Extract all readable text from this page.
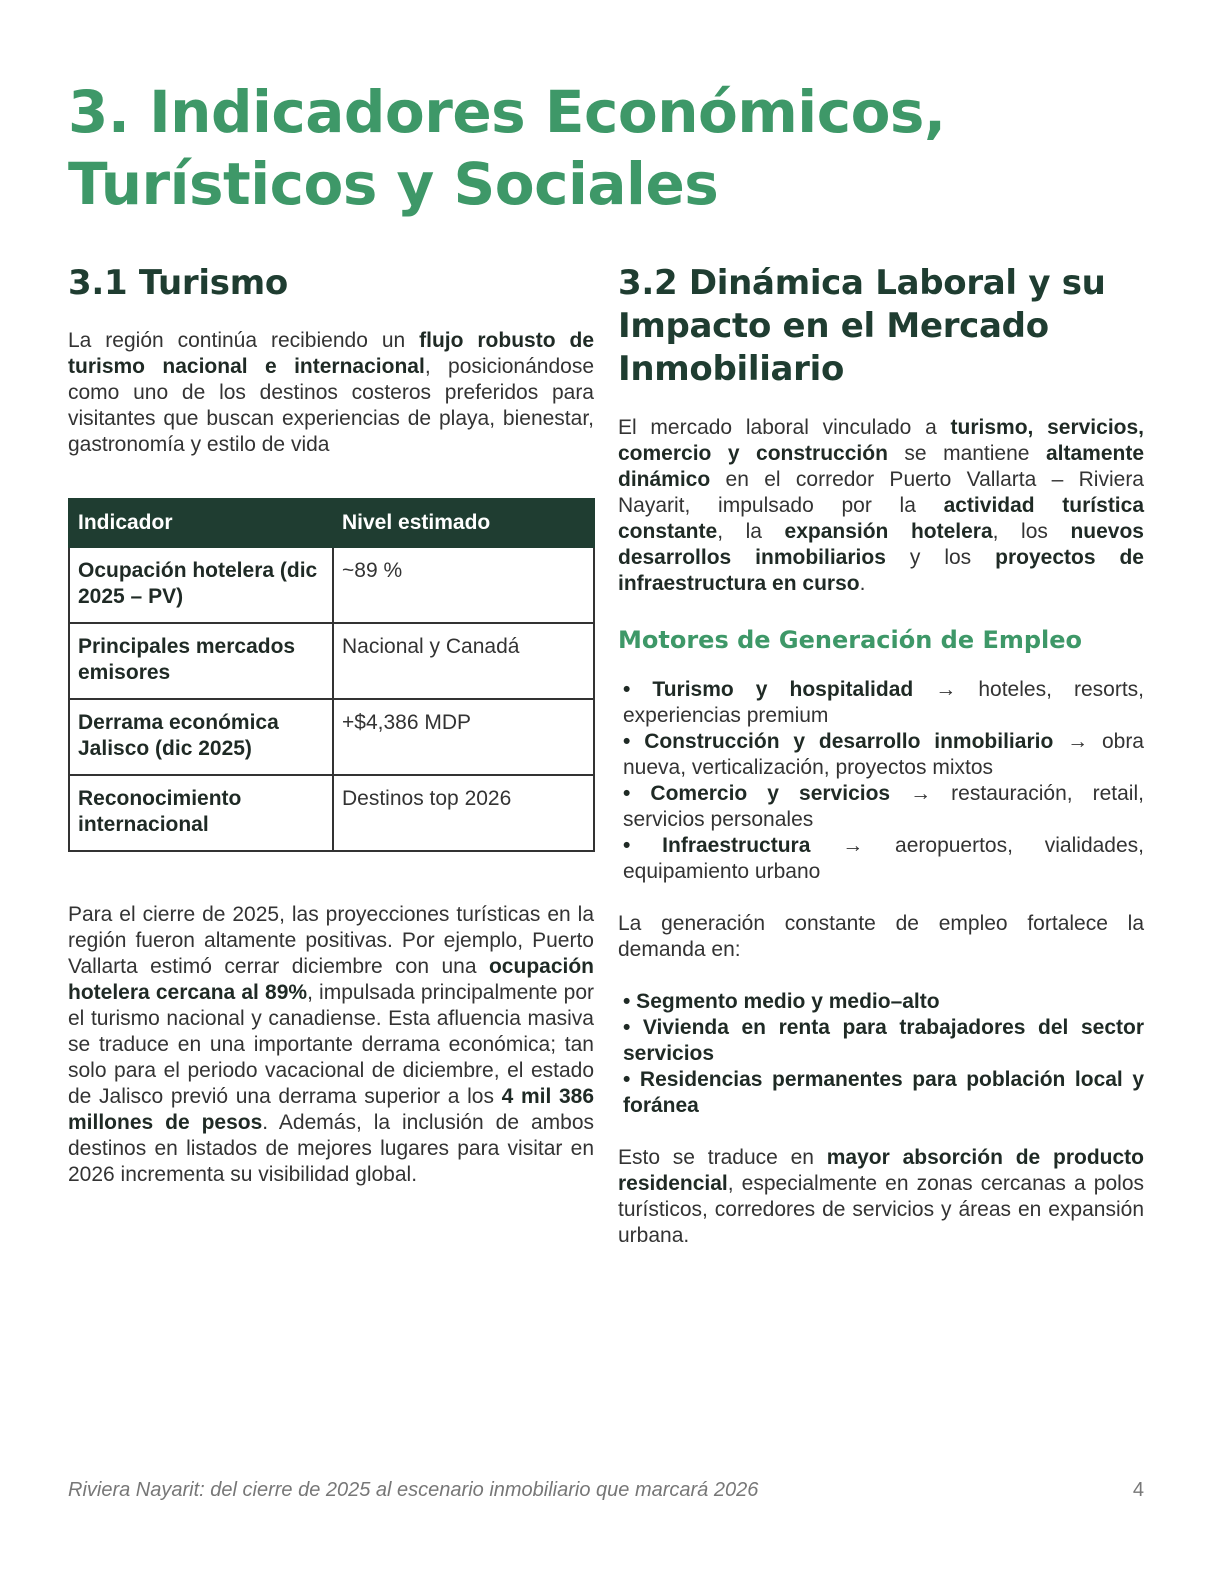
3. Indicadores Económicos,
Turísticos y Sociales
3.1 Turismo

La región continúa recibiendo un flujo robusto de turismo nacional e internacional, posicionándose como uno de los destinos costeros preferidos para visitantes que buscan experiencias de playa, bienestar, gastronomía y estilo de vida

Indicador	Nivel estimado
Ocupación hotelera (dic 2025 – PV)	~89 %
Principales mercados emisores	Nacional y Canadá
Derrama económica Jalisco (dic 2025)	+$4,386 MDP
Reconocimiento internacional	Destinos top 2026

Para el cierre de 2025, las proyecciones turísticas en la región fueron altamente positivas. Por ejemplo, Puerto Vallarta estimó cerrar diciembre con una ocupación hotelera cercana al 89%, impulsada principalmente por el turismo nacional y canadiense. Esta afluencia masiva se traduce en una importante derrama económica; tan solo para el periodo vacacional de diciembre, el estado de Jalisco previó una derrama superior a los 4 mil 386 millones de pesos. Además, la inclusión de ambos destinos en listados de mejores lugares para visitar en 2026 incrementa su visibilidad global.

3.2 Dinámica Laboral y su Impacto en el Mercado Inmobiliario

El mercado laboral vinculado a turismo, servicios, comercio y construcción se mantiene altamente dinámico en el corredor Puerto Vallarta – Riviera Nayarit, impulsado por la actividad turística constante, la expansión hotelera, los nuevos desarrollos inmobiliarios y los proyectos de infraestructura en curso.

Motores de Generación de Empleo
• Turismo y hospitalidad → hoteles, resorts, experiencias premium
• Construcción y desarrollo inmobiliario → obra nueva, verticalización, proyectos mixtos
• Comercio y servicios → restauración, retail, servicios personales
• Infraestructura → aeropuertos, vialidades, equipamiento urbano

La generación constante de empleo fortalece la demanda en:

• Segmento medio y medio–alto
• Vivienda en renta para trabajadores del sector servicios
• Residencias permanentes para población local y foránea

Esto se traduce en mayor absorción de producto residencial, especialmente en zonas cercanas a polos turísticos, corredores de servicios y áreas en expansión urbana.

Riviera Nayarit: del cierre de 2025 al escenario inmobiliario que marcará 2026	4
